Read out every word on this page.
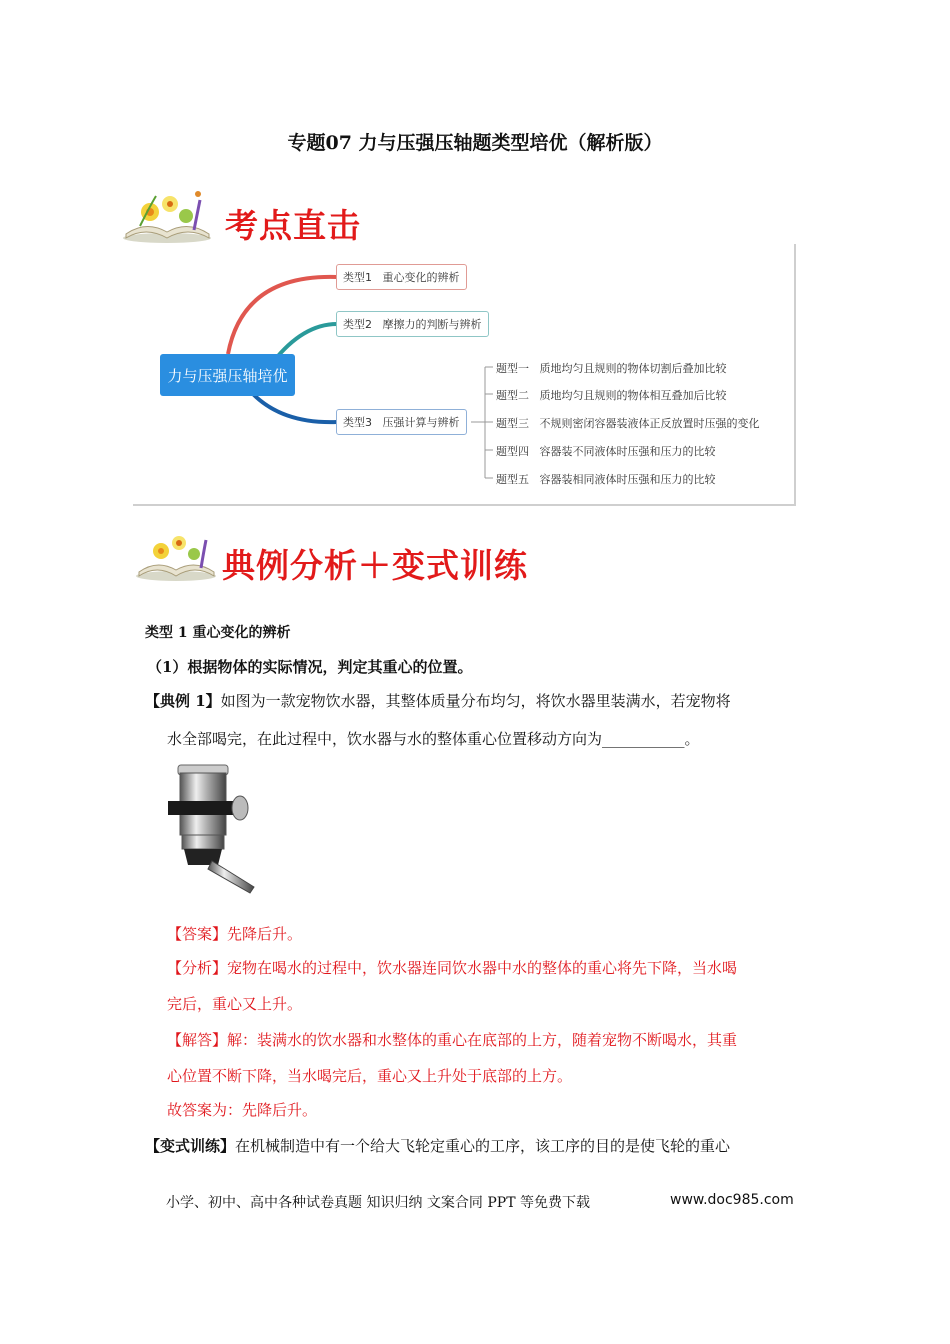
专题07 力与压强压轴题类型培优（解析版）
考点直击
力与压强压轴培优
类型1
重心变化的辨析
类型2
摩擦力的判断与辨析
类型3
压强计算与辨析
题型一 质地均匀且规则的物体切割后叠加比较
题型二 质地均匀且规则的物体相互叠加后比较
题型三 不规则密闭容器装液体正反放置时压强的变化
题型四 容器装不同液体时压强和压力的比较
题型五 容器装相同液体时压强和压力的比较
典例分析＋变式训练
类型 1 重心变化的辨析
（1）根据物体的实际情况，判定其重心的位置。
【典例 1】如图为一款宠物饮水器，其整体质量分布均匀，将饮水器里装满水，若宠物将
水全部喝完，在此过程中，饮水器与水的整体重心位置移动方向为___________。
【答案】先降后升。
【分析】宠物在喝水的过程中，饮水器连同饮水器中水的整体的重心将先下降，当水喝
完后，重心又上升。
【解答】解：装满水的饮水器和水整体的重心在底部的上方，随着宠物不断喝水，其重
心位置不断下降，当水喝完后，重心又上升处于底部的上方。
故答案为：先降后升。
【变式训练】在机械制造中有一个给大飞轮定重心的工序，该工序的目的是使飞轮的重心
小学、初中、高中各种试卷真题 知识归纳 文案合同 PPT 等免费下载	www.doc985.com
